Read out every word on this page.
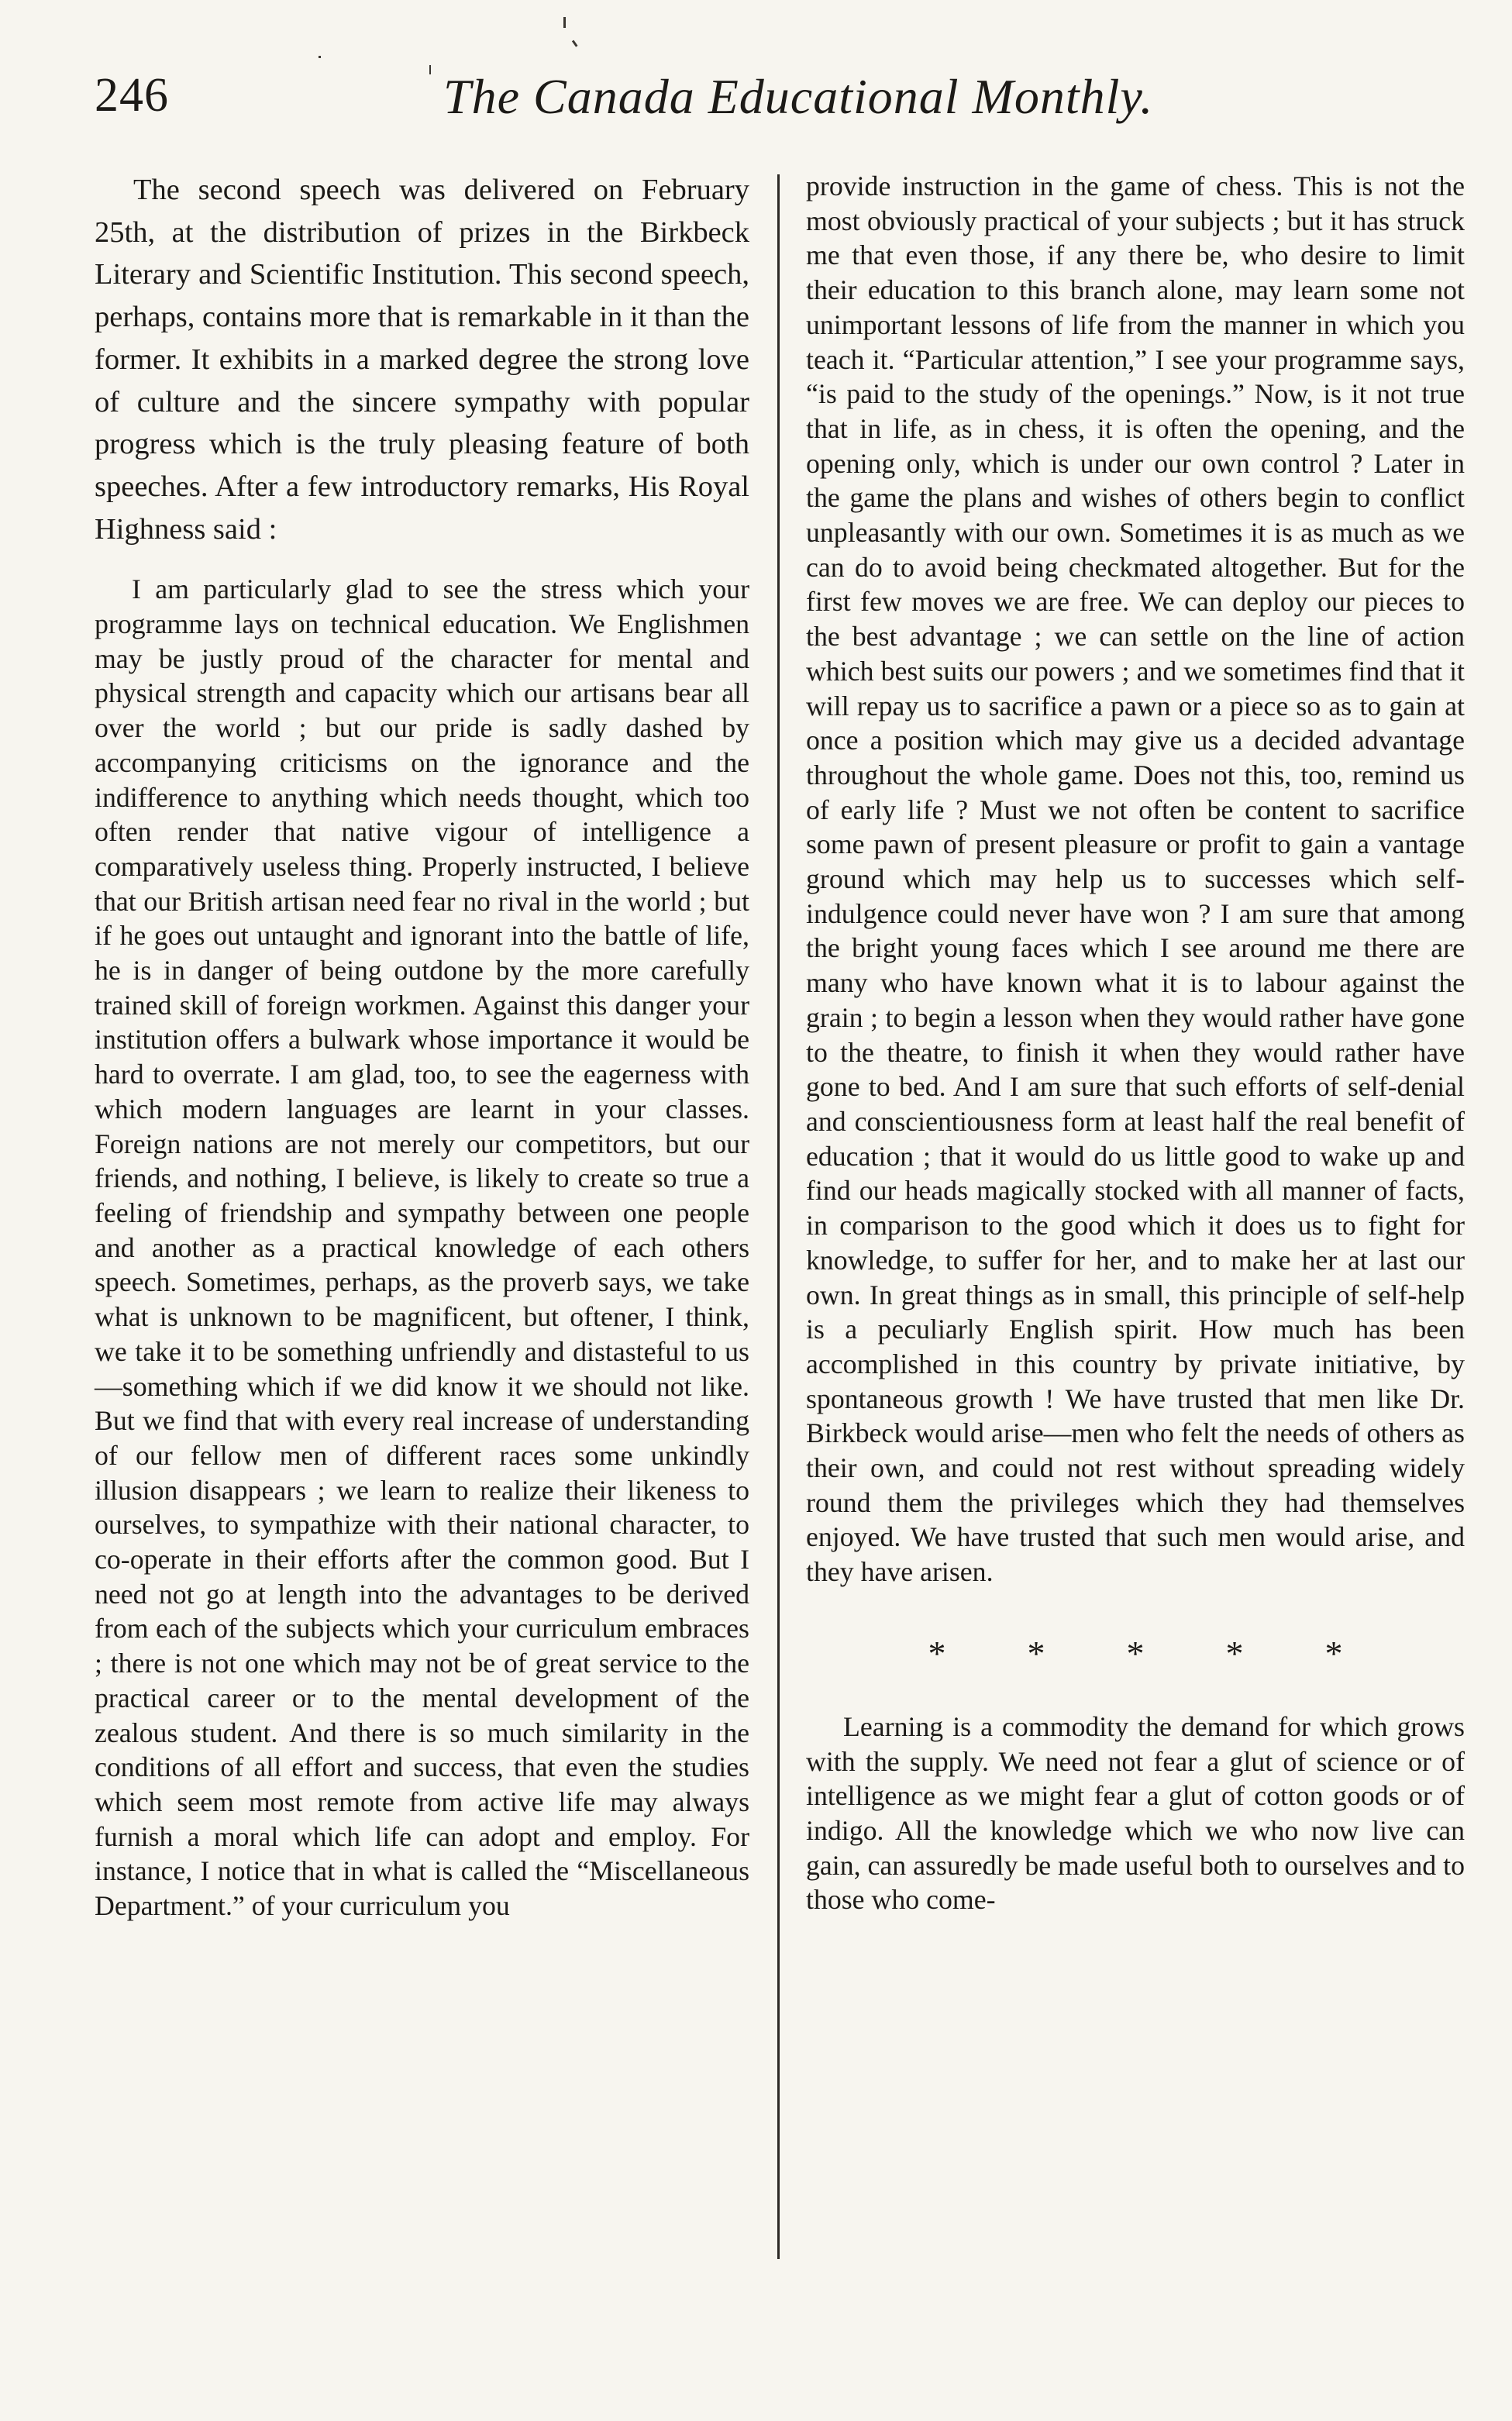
246	The Canada Educational Monthly.

The second speech was delivered on February 25th, at the distribution of prizes in the Birkbeck Literary and Scientific Institution. This second speech, perhaps, contains more that is remarkable in it than the former. It exhibits in a marked degree the strong love of culture and the sincere sympathy with popular progress which is the truly pleasing feature of both speeches. After a few introductory remarks, His Royal Highness said :

I am particularly glad to see the stress which your programme lays on technical education. We Englishmen may be justly proud of the character for mental and physical strength and capacity which our artisans bear all over the world ; but our pride is sadly dashed by accompanying criticisms on the ignorance and the indifference to anything which needs thought, which too often render that native vigour of intelligence a comparatively useless thing. Properly instructed, I believe that our British artisan need fear no rival in the world ; but if he goes out untaught and ignorant into the battle of life, he is in danger of being outdone by the more carefully trained skill of foreign workmen. Against this danger your institution offers a bulwark whose importance it would be hard to overrate. I am glad, too, to see the eagerness with which modern languages are learnt in your classes. Foreign nations are not merely our competitors, but our friends, and nothing, I believe, is likely to create so true a feeling of friendship and sympathy between one people and another as a practical knowledge of each others speech. Sometimes, perhaps, as the proverb says, we take what is unknown to be magnificent, but oftener, I think, we take it to be something unfriendly and distasteful to us—something which if we did know it we should not like. But we find that with every real increase of understanding of our fellow men of different races some unkindly illusion disappears ; we learn to realize their likeness to ourselves, to sympathize with their national character, to co-operate in their efforts after the common good. But I need not go at length into the advantages to be derived from each of the subjects which your curriculum embraces ; there is not one which may not be of great service to the practical career or to the mental development of the zealous student. And there is so much similarity in the conditions of all effort and success, that even the studies which seem most remote from active life may always furnish a moral which life can adopt and employ. For instance, I notice that in what is called the “Miscellaneous Department.” of your curriculum you

provide instruction in the game of chess. This is not the most obviously practical of your subjects ; but it has struck me that even those, if any there be, who desire to limit their education to this branch alone, may learn some not unimportant lessons of life from the manner in which you teach it. “Particular attention,” I see your programme says, “is paid to the study of the openings.” Now, is it not true that in life, as in chess, it is often the opening, and the opening only, which is under our own control ? Later in the game the plans and wishes of others begin to conflict unpleasantly with our own. Sometimes it is as much as we can do to avoid being checkmated altogether. But for the first few moves we are free. We can deploy our pieces to the best advantage ; we can settle on the line of action which best suits our powers ; and we sometimes find that it will repay us to sacrifice a pawn or a piece so as to gain at once a position which may give us a decided advantage throughout the whole game. Does not this, too, remind us of early life ? Must we not often be content to sacrifice some pawn of present pleasure or profit to gain a vantage ground which may help us to successes which self-indulgence could never have won ? I am sure that among the bright young faces which I see around me there are many who have known what it is to labour against the grain ; to begin a lesson when they would rather have gone to the theatre, to finish it when they would rather have gone to bed. And I am sure that such efforts of self-denial and conscientiousness form at least half the real benefit of education ; that it would do us little good to wake up and find our heads magically stocked with all manner of facts, in comparison to the good which it does us to fight for knowledge, to suffer for her, and to make her at last our own. In great things as in small, this principle of self-help is a peculiarly English spirit. How much has been accomplished in this country by private initiative, by spontaneous growth ! We have trusted that men like Dr. Birkbeck would arise—men who felt the needs of others as their own, and could not rest without spreading widely round them the privileges which they had themselves enjoyed. We have trusted that such men would arise, and they have arisen.

* * * * *

Learning is a commodity the demand for which grows with the supply. We need not fear a glut of science or of intelligence as we might fear a glut of cotton goods or of indigo. All the knowledge which we who now live can gain, can assuredly be made useful both to ourselves and to those who come-
